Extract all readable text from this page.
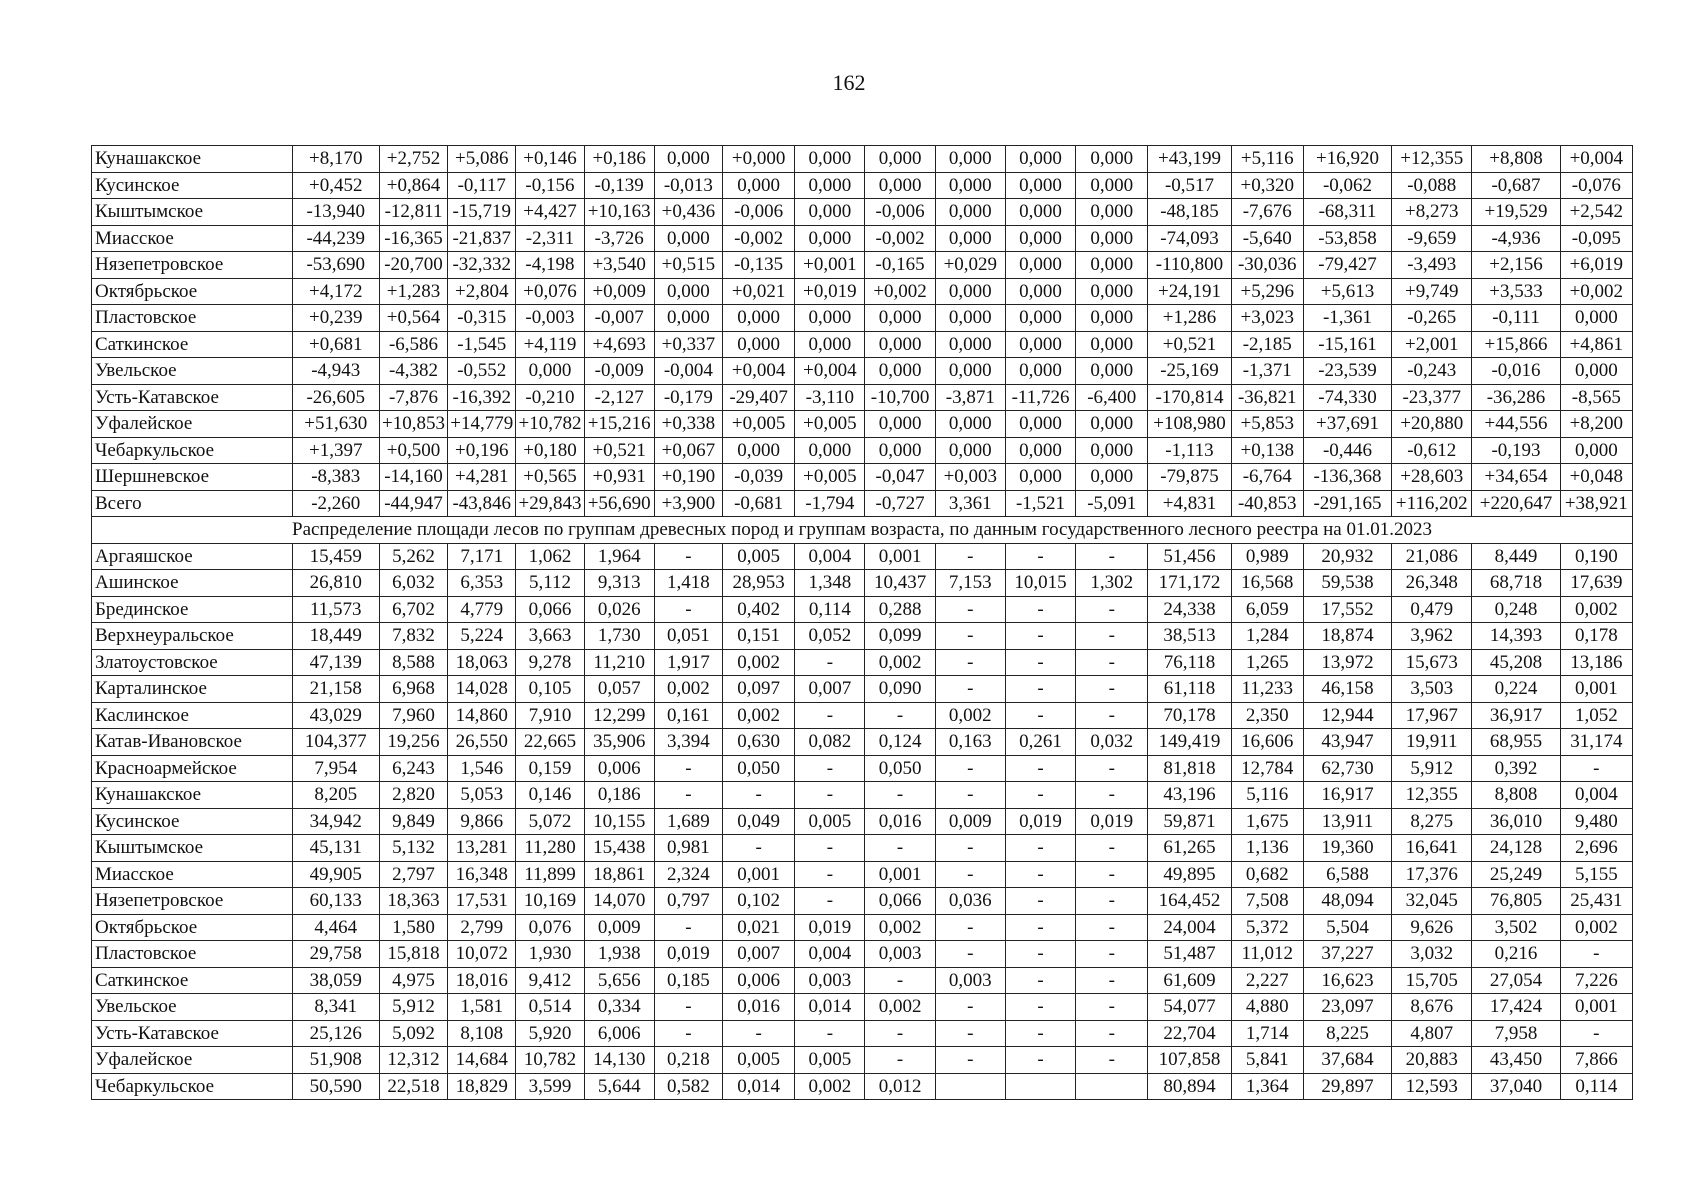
162
Кунашакское	+8,170	+2,752	+5,086	+0,146	+0,186	0,000	+0,000	0,000	0,000	0,000	0,000	0,000	+43,199	+5,116	+16,920	+12,355	+8,808	+0,004
Кусинское	+0,452	+0,864	-0,117	-0,156	-0,139	-0,013	0,000	0,000	0,000	0,000	0,000	0,000	-0,517	+0,320	-0,062	-0,088	-0,687	-0,076
Кыштымское	-13,940	-12,811	-15,719	+4,427	+10,163	+0,436	-0,006	0,000	-0,006	0,000	0,000	0,000	-48,185	-7,676	-68,311	+8,273	+19,529	+2,542
Миасское	-44,239	-16,365	-21,837	-2,311	-3,726	0,000	-0,002	0,000	-0,002	0,000	0,000	0,000	-74,093	-5,640	-53,858	-9,659	-4,936	-0,095
Нязепетровское	-53,690	-20,700	-32,332	-4,198	+3,540	+0,515	-0,135	+0,001	-0,165	+0,029	0,000	0,000	-110,800	-30,036	-79,427	-3,493	+2,156	+6,019
Октябрьское	+4,172	+1,283	+2,804	+0,076	+0,009	0,000	+0,021	+0,019	+0,002	0,000	0,000	0,000	+24,191	+5,296	+5,613	+9,749	+3,533	+0,002
Пластовское	+0,239	+0,564	-0,315	-0,003	-0,007	0,000	0,000	0,000	0,000	0,000	0,000	0,000	+1,286	+3,023	-1,361	-0,265	-0,111	0,000
Саткинское	+0,681	-6,586	-1,545	+4,119	+4,693	+0,337	0,000	0,000	0,000	0,000	0,000	0,000	+0,521	-2,185	-15,161	+2,001	+15,866	+4,861
Увельское	-4,943	-4,382	-0,552	0,000	-0,009	-0,004	+0,004	+0,004	0,000	0,000	0,000	0,000	-25,169	-1,371	-23,539	-0,243	-0,016	0,000
Усть-Катавское	-26,605	-7,876	-16,392	-0,210	-2,127	-0,179	-29,407	-3,110	-10,700	-3,871	-11,726	-6,400	-170,814	-36,821	-74,330	-23,377	-36,286	-8,565
Уфалейское	+51,630	+10,853	+14,779	+10,782	+15,216	+0,338	+0,005	+0,005	0,000	0,000	0,000	0,000	+108,980	+5,853	+37,691	+20,880	+44,556	+8,200
Чебаркульское	+1,397	+0,500	+0,196	+0,180	+0,521	+0,067	0,000	0,000	0,000	0,000	0,000	0,000	-1,113	+0,138	-0,446	-0,612	-0,193	0,000
Шершневское	-8,383	-14,160	+4,281	+0,565	+0,931	+0,190	-0,039	+0,005	-0,047	+0,003	0,000	0,000	-79,875	-6,764	-136,368	+28,603	+34,654	+0,048
Всего	-2,260	-44,947	-43,846	+29,843	+56,690	+3,900	-0,681	-1,794	-0,727	3,361	-1,521	-5,091	+4,831	-40,853	-291,165	+116,202	+220,647	+38,921
Распределение площади лесов по группам древесных пород и группам возраста, по данным государственного лесного реестра на 01.01.2023																		
Аргаяшское	15,459	5,262	7,171	1,062	1,964	-	0,005	0,004	0,001	-	-	-	51,456	0,989	20,932	21,086	8,449	0,190
Ашинское	26,810	6,032	6,353	5,112	9,313	1,418	28,953	1,348	10,437	7,153	10,015	1,302	171,172	16,568	59,538	26,348	68,718	17,639
Брединское	11,573	6,702	4,779	0,066	0,026	-	0,402	0,114	0,288	-	-	-	24,338	6,059	17,552	0,479	0,248	0,002
Верхнеуральское	18,449	7,832	5,224	3,663	1,730	0,051	0,151	0,052	0,099	-	-	-	38,513	1,284	18,874	3,962	14,393	0,178
Златоустовское	47,139	8,588	18,063	9,278	11,210	1,917	0,002	-	0,002	-	-	-	76,118	1,265	13,972	15,673	45,208	13,186
Карталинское	21,158	6,968	14,028	0,105	0,057	0,002	0,097	0,007	0,090	-	-	-	61,118	11,233	46,158	3,503	0,224	0,001
Каслинское	43,029	7,960	14,860	7,910	12,299	0,161	0,002	-	-	0,002	-	-	70,178	2,350	12,944	17,967	36,917	1,052
Катав-Ивановское	104,377	19,256	26,550	22,665	35,906	3,394	0,630	0,082	0,124	0,163	0,261	0,032	149,419	16,606	43,947	19,911	68,955	31,174
Красноармейское	7,954	6,243	1,546	0,159	0,006	-	0,050	-	0,050	-	-	-	81,818	12,784	62,730	5,912	0,392	-
Кунашакское	8,205	2,820	5,053	0,146	0,186	-	-	-	-	-	-	-	43,196	5,116	16,917	12,355	8,808	0,004
Кусинское	34,942	9,849	9,866	5,072	10,155	1,689	0,049	0,005	0,016	0,009	0,019	0,019	59,871	1,675	13,911	8,275	36,010	9,480
Кыштымское	45,131	5,132	13,281	11,280	15,438	0,981	-	-	-	-	-	-	61,265	1,136	19,360	16,641	24,128	2,696
Миасское	49,905	2,797	16,348	11,899	18,861	2,324	0,001	-	0,001	-	-	-	49,895	0,682	6,588	17,376	25,249	5,155
Нязепетровское	60,133	18,363	17,531	10,169	14,070	0,797	0,102	-	0,066	0,036	-	-	164,452	7,508	48,094	32,045	76,805	25,431
Октябрьское	4,464	1,580	2,799	0,076	0,009	-	0,021	0,019	0,002	-	-	-	24,004	5,372	5,504	9,626	3,502	0,002
Пластовское	29,758	15,818	10,072	1,930	1,938	0,019	0,007	0,004	0,003	-	-	-	51,487	11,012	37,227	3,032	0,216	-
Саткинское	38,059	4,975	18,016	9,412	5,656	0,185	0,006	0,003	-	0,003	-	-	61,609	2,227	16,623	15,705	27,054	7,226
Увельское	8,341	5,912	1,581	0,514	0,334	-	0,016	0,014	0,002	-	-	-	54,077	4,880	23,097	8,676	17,424	0,001
Усть-Катавское	25,126	5,092	8,108	5,920	6,006	-	-	-	-	-	-	-	22,704	1,714	8,225	4,807	7,958	-
Уфалейское	51,908	12,312	14,684	10,782	14,130	0,218	0,005	0,005	-	-	-	-	107,858	5,841	37,684	20,883	43,450	7,866
Чебаркульское	50,590	22,518	18,829	3,599	5,644	0,582	0,014	0,002	0,012				80,894	1,364	29,897	12,593	37,040	0,114
